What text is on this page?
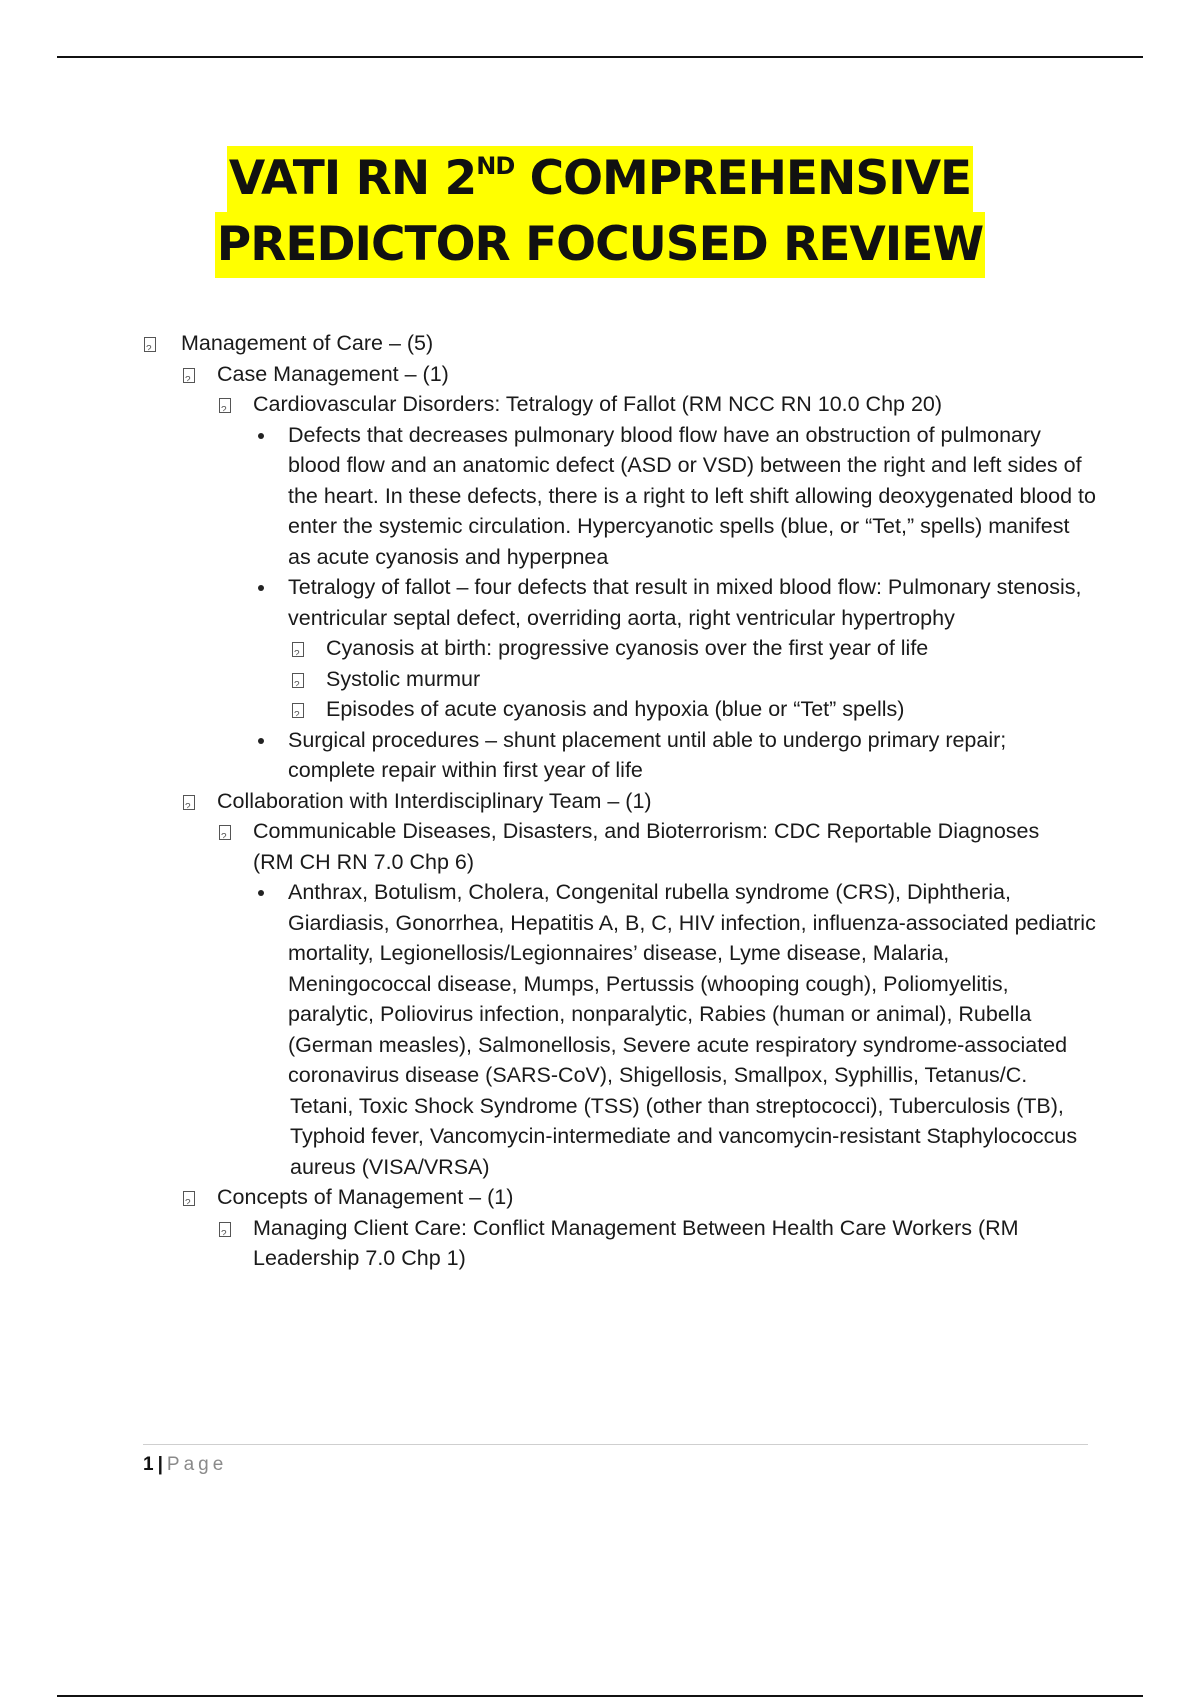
VATI RN 2ND COMPREHENSIVE
PREDICTOR FOCUSED REVIEW
?
Management of Care – (5)
?
Case Management – (1)
?
Cardiovascular Disorders: Tetralogy of Fallot (RM NCC RN 10.0 Chp 20)
Defects that decreases pulmonary blood flow have an obstruction of pulmonary blood flow and an anatomic defect (ASD or VSD) between the right and left sides of the heart. In these defects, there is a right to left shift allowing deoxygenated blood to enter the systemic circulation. Hypercyanotic spells (blue, or “Tet,” spells) manifest as acute cyanosis and hyperpnea
Tetralogy of fallot – four defects that result in mixed blood flow: Pulmonary stenosis, ventricular septal defect, overriding aorta, right ventricular hypertrophy
?
Cyanosis at birth: progressive cyanosis over the first year of life
?
Systolic murmur
?
Episodes of acute cyanosis and hypoxia (blue or “Tet” spells)
Surgical procedures – shunt placement until able to undergo primary repair; complete repair within first year of life
?
Collaboration with Interdisciplinary Team – (1)
?
Communicable Diseases, Disasters, and Bioterrorism: CDC Reportable Diagnoses
(RM CH RN 7.0 Chp 6)
Anthrax, Botulism, Cholera, Congenital rubella syndrome (CRS), Diphtheria, Giardiasis, Gonorrhea, Hepatitis A, B, C, HIV infection, influenza-associated pediatric mortality, Legionellosis/Legionnaires’ disease, Lyme disease, Malaria, Meningococcal disease, Mumps, Pertussis (whooping cough), Poliomyelitis, paralytic, Poliovirus infection, nonparalytic, Rabies (human or animal), Rubella (German measles), Salmonellosis, Severe acute respiratory syndrome-associated coronavirus disease (SARS-CoV), Shigellosis, Smallpox, Syphillis, Tetanus/C.
Tetani, Toxic Shock Syndrome (TSS) (other than streptococci), Tuberculosis (TB), Typhoid fever, Vancomycin-intermediate and vancomycin-resistant Staphylococcus aureus (VISA/VRSA)
?
Concepts of Management – (1)
?
Managing Client Care: Conflict Management Between Health Care Workers (RM
Leadership 7.0 Chp 1)
1 | Page
